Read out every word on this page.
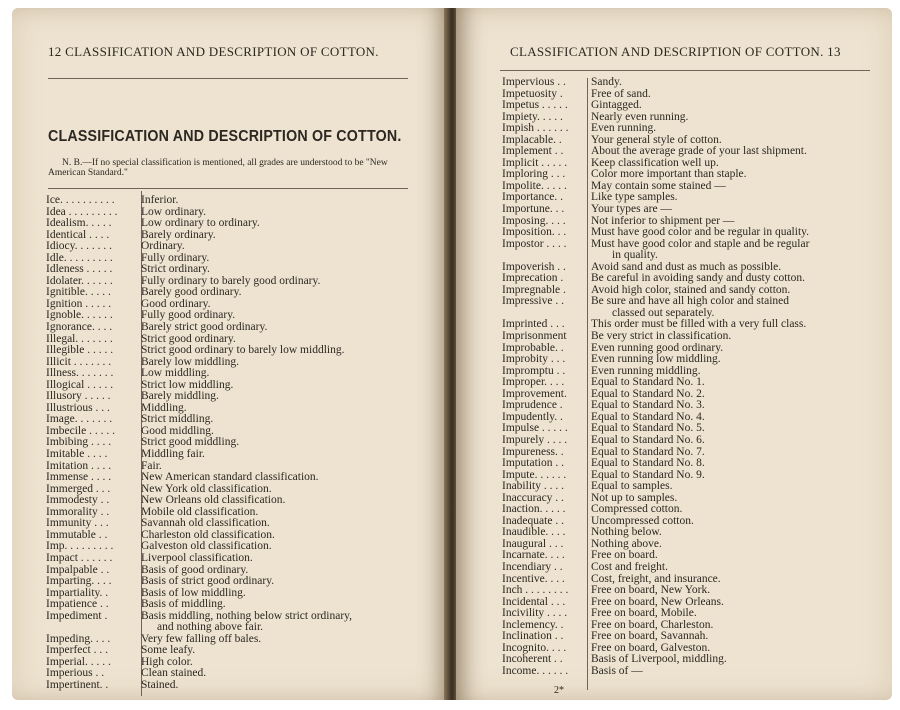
12 CLASSIFICATION AND DESCRIPTION OF COTTON.
CLASSIFICATION AND DESCRIPTION OF COTTON.
N. B.—If no special classification is mentioned, all grades are understood to be "New American Standard."
Ice. . . . . . . . . .	Inferior.
Idea . . . . . . . . .	Low ordinary.
Idealism. . . . .	Low ordinary to ordinary.
Identical . . . .	Barely ordinary.
Idiocy. . . . . . .	Ordinary.
Idle. . . . . . . . .	Fully ordinary.
Idleness . . . . .	Strict ordinary.
Idolater. . . . . .	Fully ordinary to barely good ordinary.
Ignitible. . . . .	Barely good ordinary.
Ignition . . . . .	Good ordinary.
Ignoble. . . . . .	Fully good ordinary.
Ignorance. . . .	Barely strict good ordinary.
Illegal. . . . . . .	Strict good ordinary.
Illegible . . . . .	Strict good ordinary to barely low middling.
Illicit . . . . . . .	Barely low middling.
Illness. . . . . . .	Low middling.
Illogical . . . . .	Strict low middling.
Illusory . . . . .	Barely middling.
Illustrious . . .	Middling.
Image. . . . . . .	Strict middling.
Imbecile . . . . .	Good middling.
Imbibing . . . .	Strict good middling.
Imitable . . . .	Middling fair.
Imitation . . . .	Fair.
Immense . . . .	New American standard classification.
Immerged . . .	New York old classification.
Immodesty . .	New Orleans old classification.
Immorality . .	Mobile old classification.
Immunity . . .	Savannah old classification.
Immutable . .	Charleston old classification.
Imp. . . . . . . . .	Galveston old classification.
Impact . . . . . .	Liverpool classification.
Impalpable . .	Basis of good ordinary.
Imparting. . . .	Basis of strict good ordinary.
Impartiality. .	Basis of low middling.
Impatience . .	Basis of middling.
Impediment .	Basis middling, nothing below strict ordinary,
and nothing above fair.
Impeding. . . .	Very few falling off bales.
Imperfect . . .	Some leafy.
Imperial. . . . .	High color.
Imperious . .	Clean stained.
Impertinent. .	Stained.
CLASSIFICATION AND DESCRIPTION OF COTTON. 13
Impervious . .	Sandy.
Impetuosity .	Free of sand.
Impetus . . . . .	Gintagged.
Impiety. . . . .	Nearly even running.
Impish . . . . . .	Even running.
Implacable. .	Your general style of cotton.
Implement . .	About the average grade of your last shipment.
Implicit . . . . .	Keep classification well up.
Imploring . . .	Color more important than staple.
Impolite. . . . .	May contain some stained —
Importance. .	Like type samples.
Importune. . .	Your types are —
Imposing. . . .	Not inferior to shipment per —
Imposition. . .	Must have good color and be regular in quality.
Impostor . . . .	Must have good color and staple and be regular
in quality.
Impoverish . .	Avoid sand and dust as much as possible.
Imprecation .	Be careful in avoiding sandy and dusty cotton.
Impregnable .	Avoid high color, stained and sandy cotton.
Impressive . .	Be sure and have all high color and stained
classed out separately.
Imprinted . . .	This order must be filled with a very full class.
Imprisonment	Be very strict in classification.
Improbable. .	Even running good ordinary.
Improbity . . .	Even running low middling.
Impromptu . .	Even running middling.
Improper. . . .	Equal to Standard No. 1.
Improvement.	Equal to Standard No. 2.
Imprudence .	Equal to Standard No. 3.
Impudently. .	Equal to Standard No. 4.
Impulse . . . . .	Equal to Standard No. 5.
Impurely . . . .	Equal to Standard No. 6.
Impureness. .	Equal to Standard No. 7.
Imputation . .	Equal to Standard No. 8.
Impute. . . . . .	Equal to Standard No. 9.
Inability . . . .	Equal to samples.
Inaccuracy . .	Not up to samples.
Inaction. . . . .	Compressed cotton.
Inadequate . .	Uncompressed cotton.
Inaudible. . . .	Nothing below.
Inaugural . . .	Nothing above.
Incarnate. . . .	Free on board.
Incendiary . .	Cost and freight.
Incentive. . . .	Cost, freight, and insurance.
Inch . . . . . . . .	Free on board, New York.
Incidental . . .	Free on board, New Orleans.
Incivility . . . .	Free on board, Mobile.
Inclemency. .	Free on board, Charleston.
Inclination . .	Free on board, Savannah.
Incognito. . . .	Free on board, Galveston.
Incoherent . .	Basis of Liverpool, middling.
Income. . . . . .	Basis of —
2*
